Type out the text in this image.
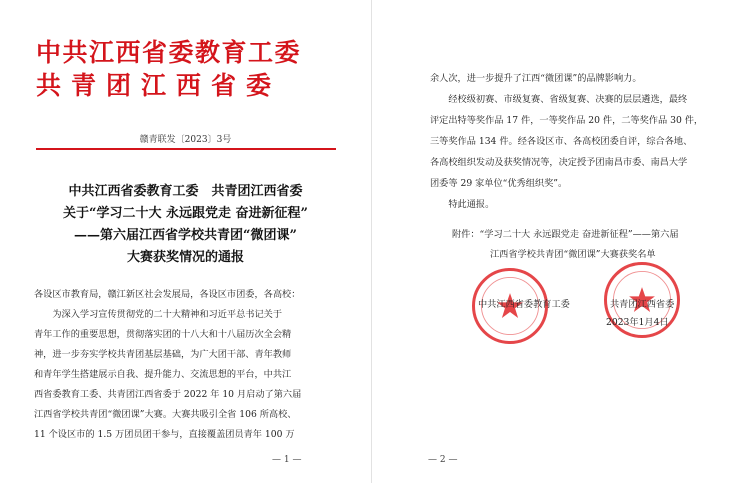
中共江西省委教育工委
共青团江西省委
赣青联发〔2023〕3号
中共江西省委教育工委　共青团江西省委
关于“学习二十大 永远跟党走 奋进新征程”
——第六届江西省学校共青团“微团课”
大赛获奖情况的通报
各设区市教育局，赣江新区社会发展局，各设区市团委，各高校：
　　为深入学习宣传贯彻党的二十大精神和习近平总书记关于
青年工作的重要思想，贯彻落实团的十八大和十八届历次全会精
神，进一步夯实学校共青团基层基础，为广大团干部、青年教师
和青年学生搭建展示自我、提升能力、交流思想的平台，中共江
西省委教育工委、共青团江西省委于 2022 年 10 月启动了第六届
江西省学校共青团“微团课”大赛。大赛共吸引全省 106 所高校、
11 个设区市的 1.5 万团员团干参与，直接覆盖团员青年 100 万
— 1 —
余人次，进一步提升了江西“微团课”的品牌影响力。
　　经校级初赛、市级复赛、省级复赛、决赛的层层遴选，最终
评定出特等奖作品 17 件，一等奖作品 20 件，二等奖作品 30 件，
三等奖作品 134 件。经各设区市、各高校团委自评，综合各地、
各高校组织发动及获奖情况等，决定授予团南昌市委、南昌大学
团委等 29 家单位“优秀组织奖”。
　　特此通报。
附件：“学习二十大 永远跟党走 奋进新征程”——第六届
江西省学校共青团“微团课”大赛获奖名单
中共江西省委教育工委	共青团江西省委
2023年1月4日
— 2 —
